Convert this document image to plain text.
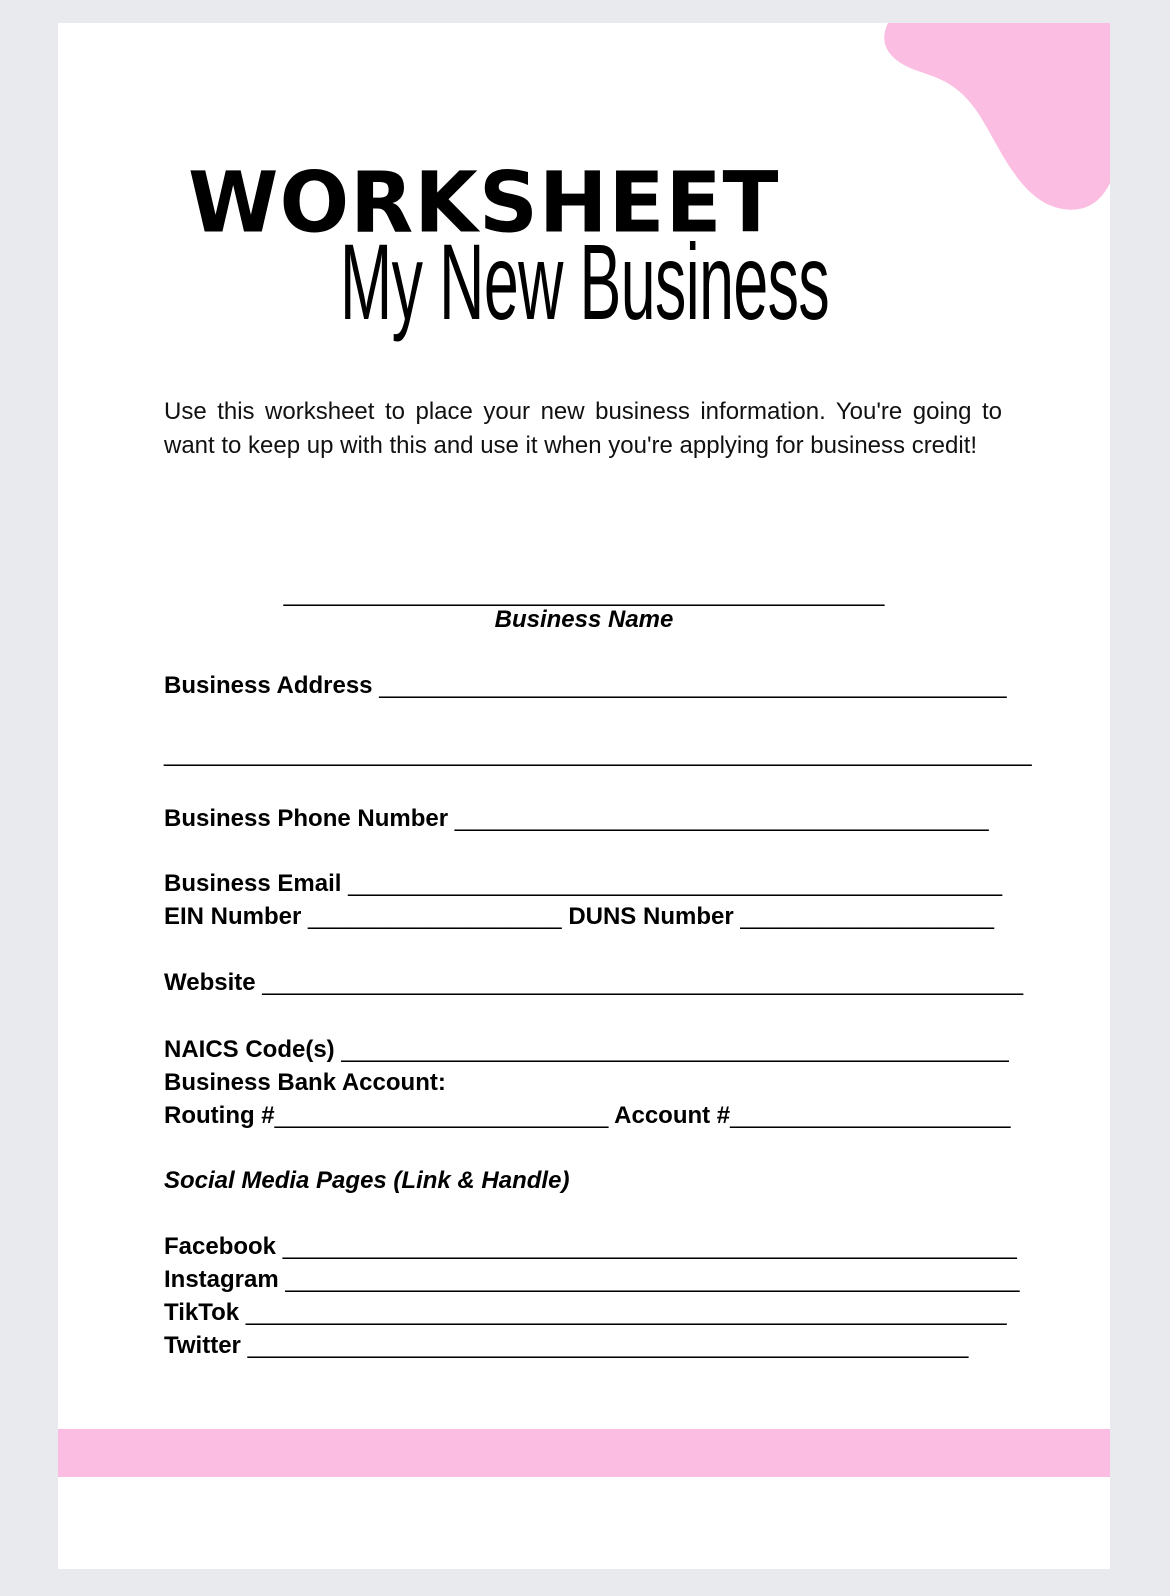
WORKSHEET
My New Business

Use this worksheet to place your new business information. You're going to want to keep up with this and use it when you're applying for business credit!

_____________________________________________
Business Name
Business Address _______________________________________________
_________________________________________________________________
Business Phone Number ________________________________________
Business Email _________________________________________________
EIN Number ___________________ DUNS Number ___________________
Website _________________________________________________________
NAICS Code(s) __________________________________________________
Business Bank Account:
Routing #_________________________ Account #_____________________
Social Media Pages (Link & Handle)
Facebook _______________________________________________________
Instagram _______________________________________________________
TikTok _________________________________________________________
Twitter ______________________________________________________
